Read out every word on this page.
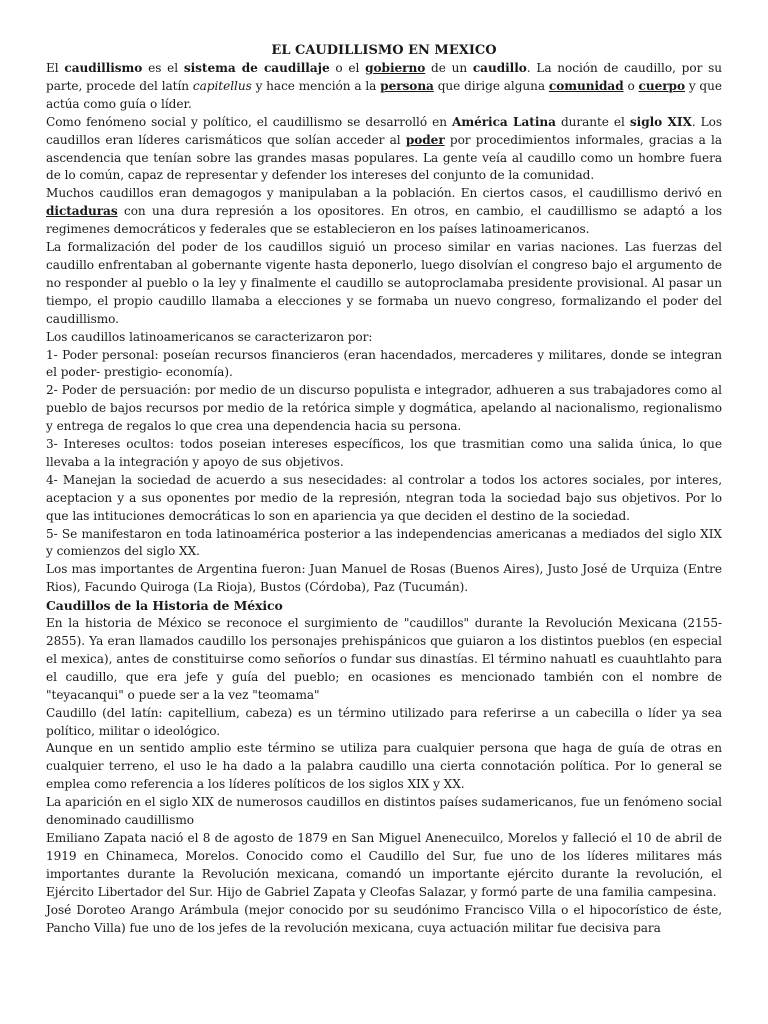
EL CAUDILLISMO EN MEXICO

El caudillismo es el sistema de caudillaje o el gobierno de un caudillo. La noción de caudillo, por su parte, procede del latín capitellus y hace mención a la persona que dirige alguna comunidad o cuerpo y que actúa como guía o líder.

Como fenómeno social y político, el caudillismo se desarrolló en América Latina durante el siglo XIX. Los caudillos eran líderes carismáticos que solían acceder al poder por procedimientos informales, gracias a la ascendencia que tenían sobre las grandes masas populares. La gente veía al caudillo como un hombre fuera de lo común, capaz de representar y defender los intereses del conjunto de la comunidad.

Muchos caudillos eran demagogos y manipulaban a la población. En ciertos casos, el caudillismo derivó en dictaduras con una dura represión a los opositores. En otros, en cambio, el caudillismo se adaptó a los regimenes democráticos y federales que se establecieron en los países latinoamericanos.

La formalización del poder de los caudillos siguió un proceso similar en varias naciones. Las fuerzas del caudillo enfrentaban al gobernante vigente hasta deponerlo, luego disolvían el congreso bajo el argumento de no responder al pueblo o la ley y finalmente el caudillo se autoproclamaba presidente provisional. Al pasar un tiempo, el propio caudillo llamaba a elecciones y se formaba un nuevo congreso, formalizando el poder del caudillismo.

Los caudillos latinoamericanos se caracterizaron por:

1- Poder personal: poseían recursos financieros (eran hacendados, mercaderes y militares, donde se integran el poder- prestigio- economía).

2- Poder de persuación: por medio de un discurso populista e integrador, adhueren a sus trabajadores como al pueblo de bajos recursos por medio de la retórica simple y dogmática, apelando al nacionalismo, regionalismo y entrega de regalos lo que crea una dependencia hacia su persona.

3- Intereses ocultos: todos poseian intereses específicos, los que trasmitian como una salida única, lo que llevaba a la integración y apoyo de sus objetivos.

4- Manejan la sociedad de acuerdo a sus nesecidades: al controlar a todos los actores sociales, por interes, aceptacion y a sus oponentes por medio de la represión, ntegran toda la sociedad bajo sus objetivos. Por lo que las intituciones democráticas lo son en apariencia ya que deciden el destino de la sociedad.

5- Se manifestaron en toda latinoamérica posterior a las independencias americanas a mediados del siglo XIX y comienzos del siglo XX.

Los mas importantes de Argentina fueron: Juan Manuel de Rosas (Buenos Aires), Justo José de Urquiza (Entre Rios), Facundo Quiroga (La Rioja), Bustos (Córdoba), Paz (Tucumán).

Caudillos de la Historia de México

En la historia de México se reconoce el surgimiento de "caudillos" durante la Revolución Mexicana (2155-2855). Ya eran llamados caudillo los personajes prehispánicos que guiaron a los distintos pueblos (en especial el mexica), antes de constituirse como señoríos o fundar sus dinastías. El término nahuatl es cuauhtlahto para el caudillo, que era jefe y guía del pueblo; en ocasiones es mencionado también con el nombre de "teyacanqui" o puede ser a la vez "teomama"

Caudillo (del latín: capitellium, cabeza) es un término utilizado para referirse a un cabecilla o líder ya sea político, militar o ideológico.

Aunque en un sentido amplio este término se utiliza para cualquier persona que haga de guía de otras en cualquier terreno, el uso le ha dado a la palabra caudillo una cierta connotación política. Por lo general se emplea como referencia a los líderes políticos de los siglos XIX y XX.

La aparición en el siglo XIX de numerosos caudillos en distintos países sudamericanos, fue un fenómeno social denominado caudillismo

Emiliano Zapata nació el 8 de agosto de 1879 en San Miguel Anenecuilco, Morelos y falleció el 10 de abril de 1919 en Chinameca, Morelos. Conocido como el Caudillo del Sur, fue uno de los líderes militares más importantes durante la Revolución mexicana, comandó un importante ejército durante la revolución, el Ejército Libertador del Sur. Hijo de Gabriel Zapata y Cleofas Salazar, y formó parte de una familia campesina.

José Doroteo Arango Arámbula (mejor conocido por su seudónimo Francisco Villa o el hipocorístico de éste, Pancho Villa) fue uno de los jefes de la revolución mexicana, cuya actuación militar fue decisiva para
